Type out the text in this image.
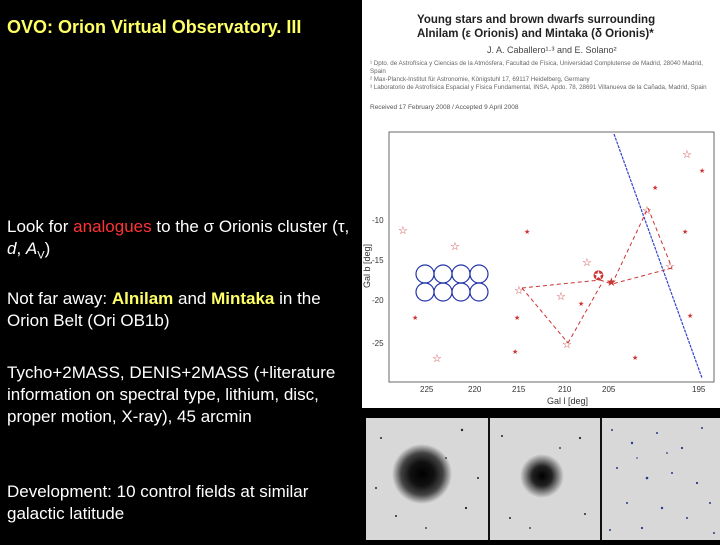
OVO: Orion Virtual Observatory. III
Look for analogues to the σ Orionis cluster (τ, d, $A_V$)
Not far away: Alnilam and Mintaka in the Orion Belt (Ori OB1b)
Tycho+2MASS, DENIS+2MASS (+literature information on spectral type, lithium, disc, proper motion, X-ray), 45 arcmin
Development: 10 control fields at similar galactic latitude
Young stars and brown dwarfs surrounding
Alnilam (ε Orionis) and Mintaka (δ Orionis)*
J. A. Caballero¹·³ and E. Solano²
¹ Dpto. de Astrofísica y Ciencias de la Atmósfera, Facultad de Física, Universidad Complutense de Madrid, 28040 Madrid, Spain
² Max-Planck-Institut für Astronomie, Königstuhl 17, 69117 Heidelberg, Germany
³ Laboratorio de Astrofísica Espacial y Física Fundamental, INSA, Apdo. 78, 28691 Villanueva de la Cañada, Madrid, Spain
Received 17 February 2008 / Accepted 9 April 2008
☆
★
★
☆
★
☆	★
☆
☆	☆
✪ ★
☆	☆
★
★
★
☆
☆
★
★
★
225	220	215	210	205	195
-10
-15
-20
-25
Gal l [deg]
Gal b [deg]
